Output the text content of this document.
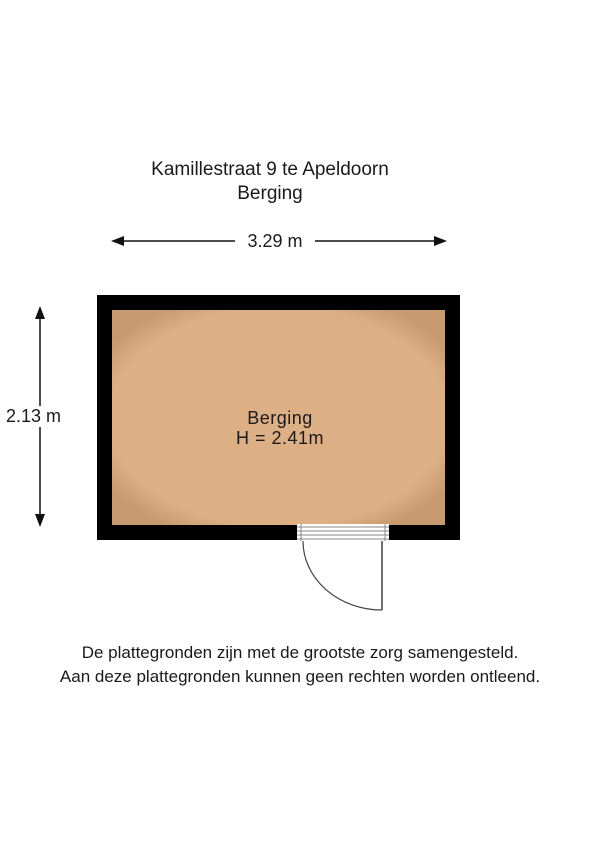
Kamillestraat 9 te Apeldoorn
Berging
3.29 m
2.13 m	Berging
H = 2.41m
De plattegronden zijn met de grootste zorg samengesteld.
Aan deze plattegronden kunnen geen rechten worden ontleend.
